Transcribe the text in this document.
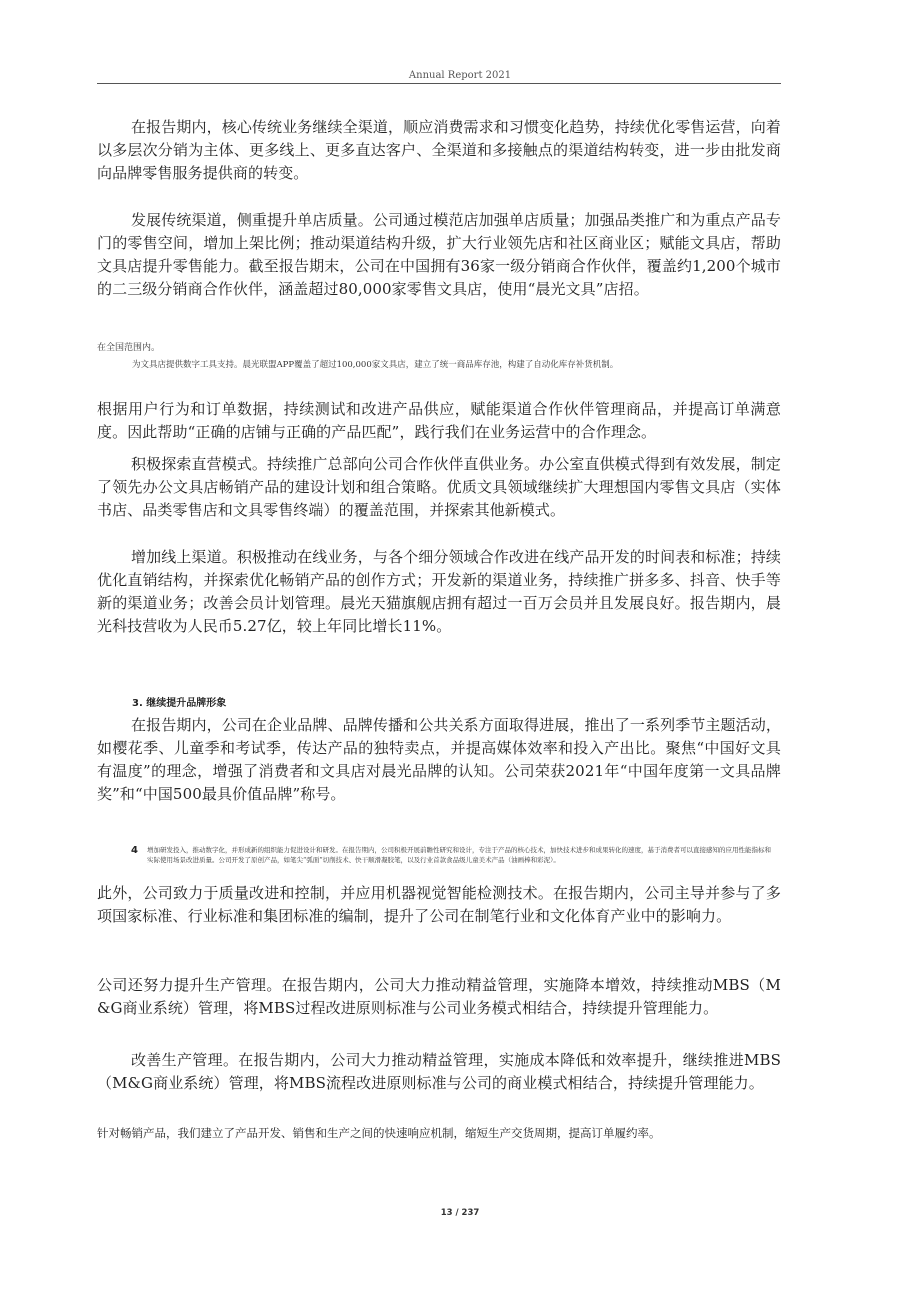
Annual Report 2021

在报告期内，核心传统业务继续全渠道，顺应消费需求和习惯变化趋势，持续优化零售运营，向着以多层次分销为主体、更多线上、更多直达客户、全渠道和多接触点的渠道结构转变，进一步由批发商向品牌零售服务提供商的转变。

发展传统渠道，侧重提升单店质量。公司通过模范店加强单店质量；加强品类推广和为重点产品专门的零售空间，增加上架比例；推动渠道结构升级，扩大行业领先店和社区商业区；赋能文具店，帮助文具店提升零售能力。截至报告期末，公司在中国拥有36家一级分销商合作伙伴，覆盖约1,200个城市的二三级分销商合作伙伴，涵盖超过80,000家零售文具店，使用“晨光文具”店招。

在全国范围内。

为文具店提供数字工具支持。晨光联盟APP覆盖了超过100,000家文具店，建立了统一商品库存池，构建了自动化库存补货机制。

根据用户行为和订单数据，持续测试和改进产品供应，赋能渠道合作伙伴管理商品，并提高订单满意度。因此帮助“正确的店铺与正确的产品匹配”，践行我们在业务运营中的合作理念。

积极探索直营模式。持续推广总部向公司合作伙伴直供业务。办公室直供模式得到有效发展，制定了领先办公文具店畅销产品的建设计划和组合策略。优质文具领域继续扩大理想国内零售文具店（实体书店、品类零售店和文具零售终端）的覆盖范围，并探索其他新模式。

增加线上渠道。积极推动在线业务，与各个细分领域合作改进在线产品开发的时间表和标准；持续优化直销结构，并探索优化畅销产品的创作方式；开发新的渠道业务，持续推广拼多多、抖音、快手等新的渠道业务；改善会员计划管理。晨光天猫旗舰店拥有超过一百万会员并且发展良好。报告期内，晨光科技营收为人民币5.27亿，较上年同比增长11%。

3. 继续提升品牌形象

在报告期内，公司在企业品牌、品牌传播和公共关系方面取得进展，推出了一系列季节主题活动，如樱花季、儿童季和考试季，传达产品的独特卖点，并提高媒体效率和投入产出比。聚焦“中国好文具有温度”的理念，增强了消费者和文具店对晨光品牌的认知。公司荣获2021年“中国年度第一文具品牌奖”和“中国500最具价值品牌”称号。

4 增加研发投入，推动数字化，并形成新的组织能力促进设计和研发。在报告期内，公司积极开展前瞻性研究和设计，专注于产品的核心技术，加快技术进步和成果转化的速度，基于消费者可以直接感知的应用性能指标和实际使用场景改进质量。公司开发了原创产品，如笔尖“弧面”切削技术、快干顺滑凝胶笔，以及行业首款食品级儿童美术产品（油画棒和彩泥）。

此外，公司致力于质量改进和控制，并应用机器视觉智能检测技术。在报告期内，公司主导并参与了多项国家标准、行业标准和集团标准的编制，提升了公司在制笔行业和文化体育产业中的影响力。

公司还努力提升生产管理。在报告期内，公司大力推动精益管理，实施降本增效，持续推动MBS（M&G商业系统）管理，将MBS过程改进原则标准与公司业务模式相结合，持续提升管理能力。

改善生产管理。在报告期内，公司大力推动精益管理，实施成本降低和效率提升，继续推进MBS（M&G商业系统）管理，将MBS流程改进原则标准与公司的商业模式相结合，持续提升管理能力。

针对畅销产品，我们建立了产品开发、销售和生产之间的快速响应机制，缩短生产交货周期，提高订单履约率。

13 / 237
